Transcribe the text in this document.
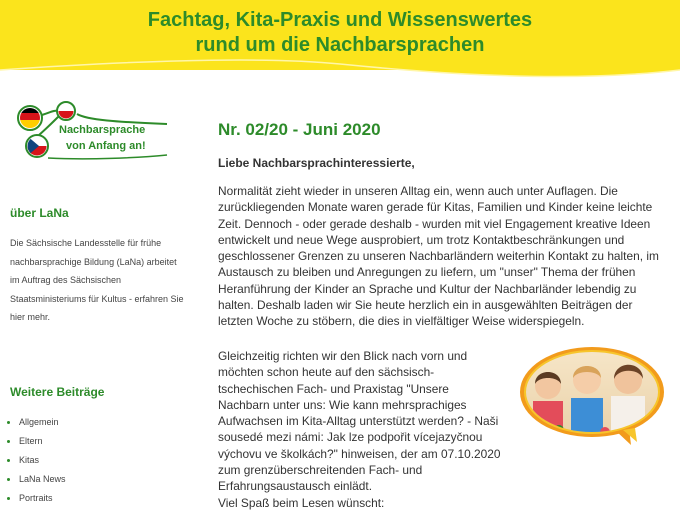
Fachtag, Kita-Praxis und Wissenswertes
rund um die Nachbarsprachen
Nachbarsprache
von Anfang an!
über LaNa
Die Sächsische Landesstelle für frühe nachbarsprachige Bildung (LaNa) arbeitet im Auftrag des Sächsischen Staatsministeriums für Kultus - erfahren Sie hier mehr.
Weitere Beiträge
Allgemein
Eltern
Kitas
LaNa News
Portraits
Nr. 02/20 - Juni 2020
Liebe Nachbarsprachinteressierte,
Normalität zieht wieder in unseren Alltag ein, wenn auch unter Auflagen. Die zurückliegenden Monate waren gerade für Kitas, Familien und Kinder keine leichte Zeit. Dennoch - oder gerade deshalb - wurden mit viel Engagement kreative Ideen entwickelt und neue Wege ausprobiert, um trotz Kontaktbeschränkungen und geschlossener Grenzen zu unseren Nachbarländern weiterhin Kontakt zu halten, im Austausch zu bleiben und Anregungen zu liefern, um "unser" Thema der frühen Heranführung der Kinder an Sprache und Kultur der Nachbarländer lebendig zu halten. Deshalb laden wir Sie heute herzlich ein in ausgewählten Beiträgen der letzten Woche zu stöbern, die dies in vielfältiger Weise widerspiegeln.
Gleichzeitig richten wir den Blick nach vorn und möchten schon heute auf den sächsisch-tschechischen Fach- und Praxistag "Unsere Nachbarn unter uns: Wie kann mehrsprachiges Aufwachsen im Kita-Alltag unterstützt werden? - Naši sousedé mezi námi: Jak lze podpořit vícejazyčnou výchovu ve školkách?" hinweisen, der am 07.10.2020 zum grenzüberschreitenden Fach- und Erfahrungsaustausch einlädt.
Viel Spaß beim Lesen wünscht:
